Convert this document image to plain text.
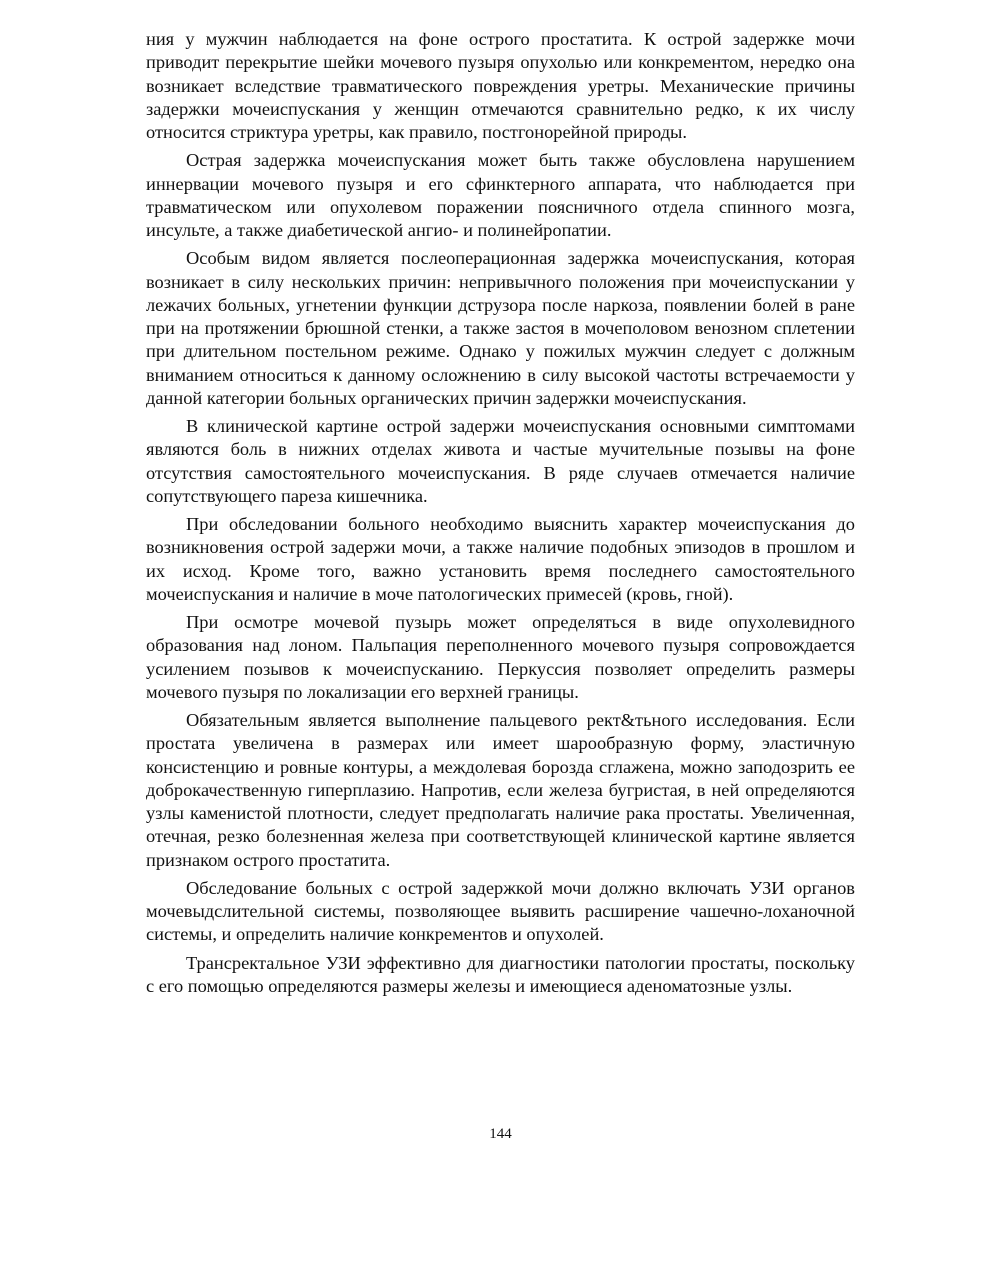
ния у мужчин наблюдается на фоне острого простатита. К острой задержке мочи приводит перекрытие шейки мочевого пузыря опухолью или конкрементом, нередко она возникает вследствие травматического повреждения уретры. Механические причины задержки мочеиспускания у женщин отмечаются сравнительно редко, к их числу относится стриктура уретры, как правило, постгонорейной природы.

Острая задержка мочеиспускания может быть также обусловлена нарушением иннервации мочевого пузыря и его сфинктерного аппарата, что наблюдается при травматическом или опухолевом поражении поясничного отдела спинного мозга, инсульте, а также диабетической ангио- и полинейропатии.

Особым видом является послеоперационная задержка мочеиспускания, которая возникает в силу нескольких причин: непривычного положения при мочеиспускании у лежачих больных, угнетении функции дструзора после наркоза, появлении болей в ране при на протяжении брюшной стенки, а также застоя в мочеполовом венозном сплетении при длительном постельном режиме. Однако у пожилых мужчин следует с должным вниманием относиться к данному осложнению в силу высокой частоты встречаемости у данной категории больных органических причин задержки мочеиспускания.

В клинической картине острой задержи мочеиспускания основными симптомами являются боль в нижних отделах живота и частые мучительные позывы на фоне отсутствия самостоятельного мочеиспускания. В ряде случаев отмечается наличие сопутствующего пареза кишечника.

При обследовании больного необходимо выяснить характер мочеиспускания до возникновения острой задержи мочи, а также наличие подобных эпизодов в прошлом и их исход. Кроме того, важно установить время последнего самостоятельного мочеиспускания и наличие в моче патологических примесей (кровь, гной).

При осмотре мочевой пузырь может определяться в виде опухолевидного образования над лоном. Пальпация переполненного мочевого пузыря сопровождается усилением позывов к мочеиспусканию. Перкуссия позволяет определить размеры мочевого пузыря по локализации его верхней границы.

Обязательным является выполнение пальцевого рект&тьного исследования. Если простата увеличена в размерах или имеет шарообразную форму, эластичную консистенцию и ровные контуры, а междолевая борозда сглажена, можно заподозрить ее доброкачественную гиперплазию. Напротив, если железа бугристая, в ней определяются узлы каменистой плотности, следует предполагать наличие рака простаты. Увеличенная, отечная, резко болезненная железа при соответствующей клинической картине является признаком острого простатита.

Обследование больных с острой задержкой мочи должно включать УЗИ органов мочевыдслительной системы, позволяющее выявить расширение чашечно-лоханочной системы, и определить наличие конкрементов и опухолей.

Трансректальное УЗИ эффективно для диагностики патологии простаты, поскольку с его помощью определяются размеры железы и имеющиеся аденоматозные узлы.

144
